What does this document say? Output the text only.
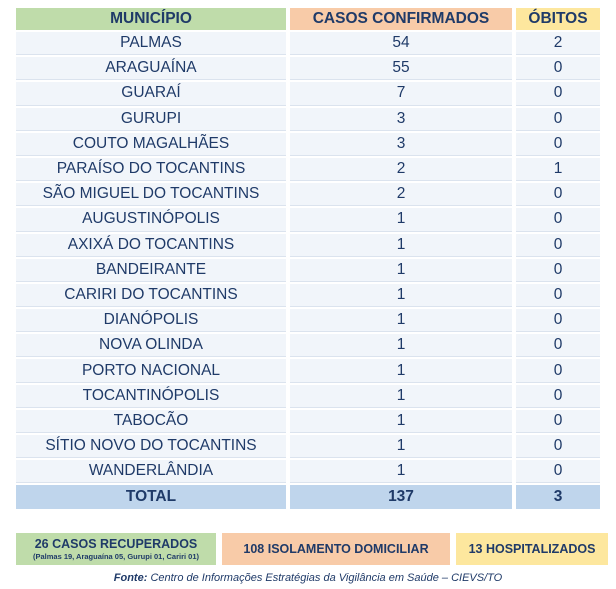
MUNICÍPIO	CASOS CONFIRMADOS	ÓBITOS
PALMAS	54	2
ARAGUAÍNA	55	0
GUARAÍ	7	0
GURUPI	3	0
COUTO MAGALHÃES	3	0
PARAÍSO DO TOCANTINS	2	1
SÃO MIGUEL DO TOCANTINS	2	0
AUGUSTINÓPOLIS	1	0
AXIXÁ DO TOCANTINS	1	0
BANDEIRANTE	1	0
CARIRI DO TOCANTINS	1	0
DIANÓPOLIS	1	0
NOVA OLINDA	1	0
PORTO NACIONAL	1	0
TOCANTINÓPOLIS	1	0
TABOCÃO	1	0
SÍTIO NOVO DO TOCANTINS	1	0
WANDERLÂNDIA	1	0
TOTAL	137	3
26 CASOS RECUPERADOS
(Palmas 19, Araguaína 05, Gurupi 01, Cariri 01)
108 ISOLAMENTO DOMICILIAR	13 HOSPITALIZADOS
Fonte: Centro de Informações Estratégias da Vigilância em Saúde – CIEVS/TO
